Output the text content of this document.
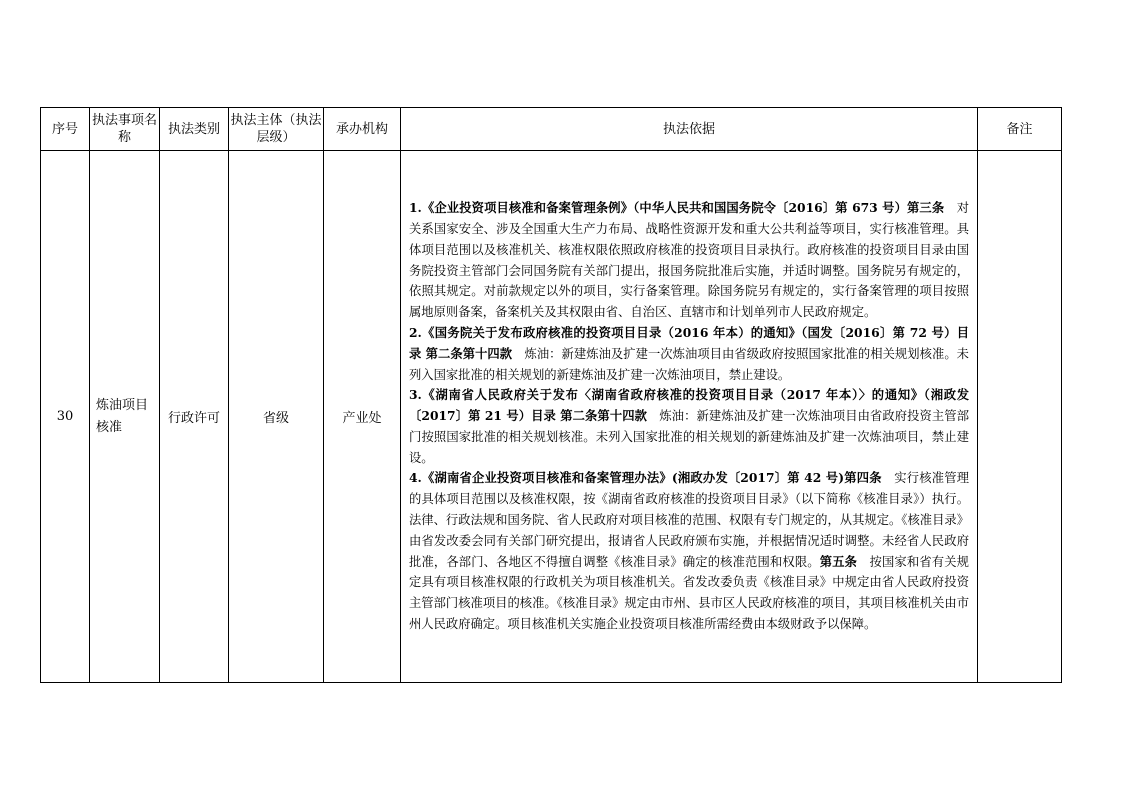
序号	执法事项名称	执法类别	执法主体（执法层级）	承办机构	执法依据	备注
30	炼油项目核准	行政许可	省级	产业处	1.《企业投资项目核准和备案管理条例》（中华人民共和国国务院令〔2016〕第 673 号）第三条　对关系国家安全、涉及全国重大生产力布局、战略性资源开发和重大公共利益等项目，实行核准管理。具体项目范围以及核准机关、核准权限依照政府核准的投资项目目录执行。政府核准的投资项目目录由国务院投资主管部门会同国务院有关部门提出，报国务院批准后实施，并适时调整。国务院另有规定的，依照其规定。对前款规定以外的项目，实行备案管理。除国务院另有规定的，实行备案管理的项目按照属地原则备案，备案机关及其权限由省、自治区、直辖市和计划单列市人民政府规定。

2.《国务院关于发布政府核准的投资项目目录（2016 年本）的通知》（国发〔2016〕第 72 号）目录 第二条第十四款　炼油：新建炼油及扩建一次炼油项目由省级政府按照国家批准的相关规划核准。未列入国家批准的相关规划的新建炼油及扩建一次炼油项目，禁止建设。

3.《湖南省人民政府关于发布〈湖南省政府核准的投资项目目录（2017 年本）〉的通知》（湘政发〔2017〕第 21 号）目录 第二条第十四款　炼油：新建炼油及扩建一次炼油项目由省政府投资主管部门按照国家批准的相关规划核准。未列入国家批准的相关规划的新建炼油及扩建一次炼油项目，禁止建设。

4.《湖南省企业投资项目核准和备案管理办法》(湘政办发〔2017〕第 42 号)第四条　实行核准管理的具体项目范围以及核准权限，按《湖南省政府核准的投资项目目录》（以下简称《核准目录》）执行。法律、行政法规和国务院、省人民政府对项目核准的范围、权限有专门规定的，从其规定。《核准目录》由省发改委会同有关部门研究提出，报请省人民政府颁布实施，并根据情况适时调整。未经省人民政府批准，各部门、各地区不得擅自调整《核准目录》确定的核准范围和权限。第五条　按国家和省有关规定具有项目核准权限的行政机关为项目核准机关。省发改委负责《核准目录》中规定由省人民政府投资主管部门核准项目的核准。《核准目录》规定由市州、县市区人民政府核准的项目，其项目核准机关由市州人民政府确定。项目核准机关实施企业投资项目核准所需经费由本级财政予以保障。	
